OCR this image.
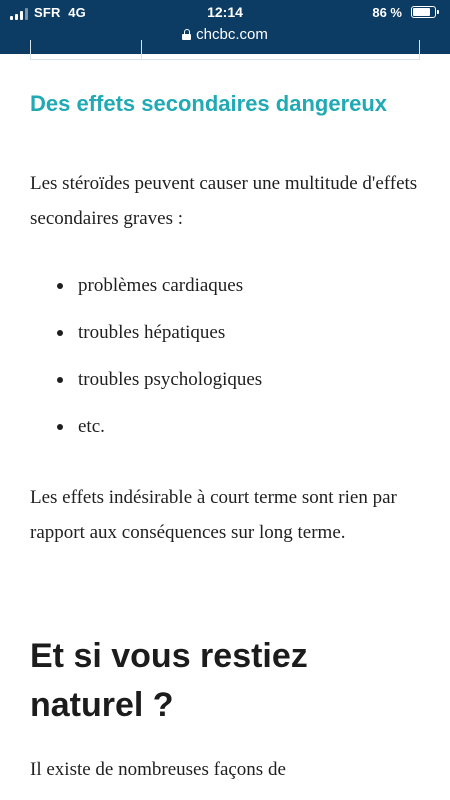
SFR 4G	12:14	86 %
chcbc.com
Des effets secondaires dangereux

Les stéroïdes peuvent causer une multitude d'effets secondaires graves :

problèmes cardiaques
troubles hépatiques
troubles psychologiques
etc.

Les effets indésirable à court terme sont rien par rapport aux conséquences sur long terme.

Et si vous restiez naturel ?

Il existe de nombreuses façons de
